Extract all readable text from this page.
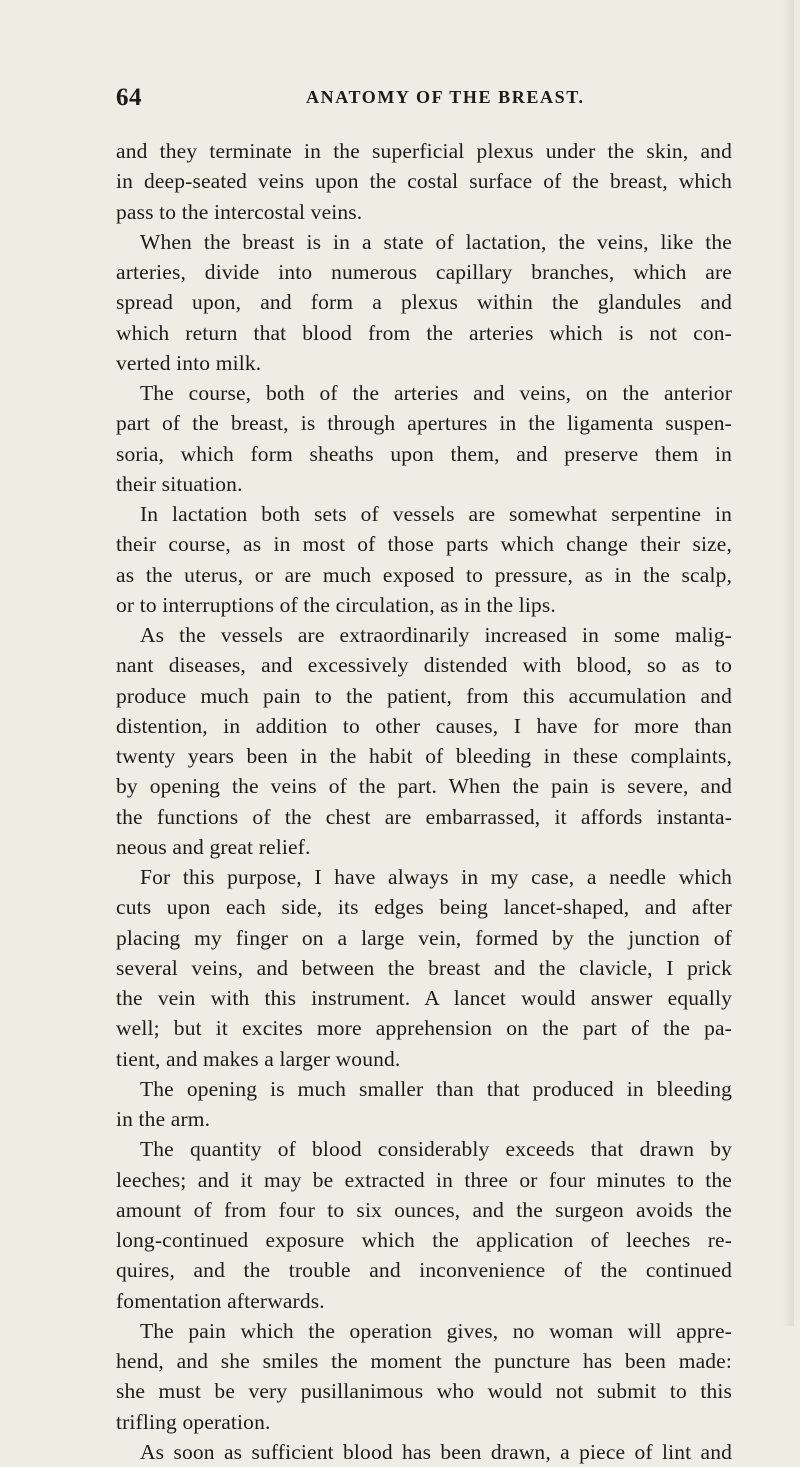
64	ANATOMY OF THE BREAST.
and they terminate in the superficial plexus under the skin, and
in deep-seated veins upon the costal surface of the breast, which
pass to the intercostal veins.
When the breast is in a state of lactation, the veins, like the
arteries, divide into numerous capillary branches, which are
spread upon, and form a plexus within the glandules and
which return that blood from the arteries which is not con-
verted into milk.
The course, both of the arteries and veins, on the anterior
part of the breast, is through apertures in the ligamenta suspen-
soria, which form sheaths upon them, and preserve them in
their situation.
In lactation both sets of vessels are somewhat serpentine in
their course, as in most of those parts which change their size,
as the uterus, or are much exposed to pressure, as in the scalp,
or to interruptions of the circulation, as in the lips.
As the vessels are extraordinarily increased in some malig-
nant diseases, and excessively distended with blood, so as to
produce much pain to the patient, from this accumulation and
distention, in addition to other causes, I have for more than
twenty years been in the habit of bleeding in these complaints,
by opening the veins of the part. When the pain is severe, and
the functions of the chest are embarrassed, it affords instanta-
neous and great relief.
For this purpose, I have always in my case, a needle which
cuts upon each side, its edges being lancet-shaped, and after
placing my finger on a large vein, formed by the junction of
several veins, and between the breast and the clavicle, I prick
the vein with this instrument. A lancet would answer equally
well; but it excites more apprehension on the part of the pa-
tient, and makes a larger wound.
The opening is much smaller than that produced in bleeding
in the arm.
The quantity of blood considerably exceeds that drawn by
leeches; and it may be extracted in three or four minutes to the
amount of from four to six ounces, and the surgeon avoids the
long-continued exposure which the application of leeches re-
quires, and the trouble and inconvenience of the continued
fomentation afterwards.
The pain which the operation gives, no woman will appre-
hend, and she smiles the moment the puncture has been made:
she must be very pusillanimous who would not submit to this
trifling operation.
As soon as sufficient blood has been drawn, a piece of lint and
